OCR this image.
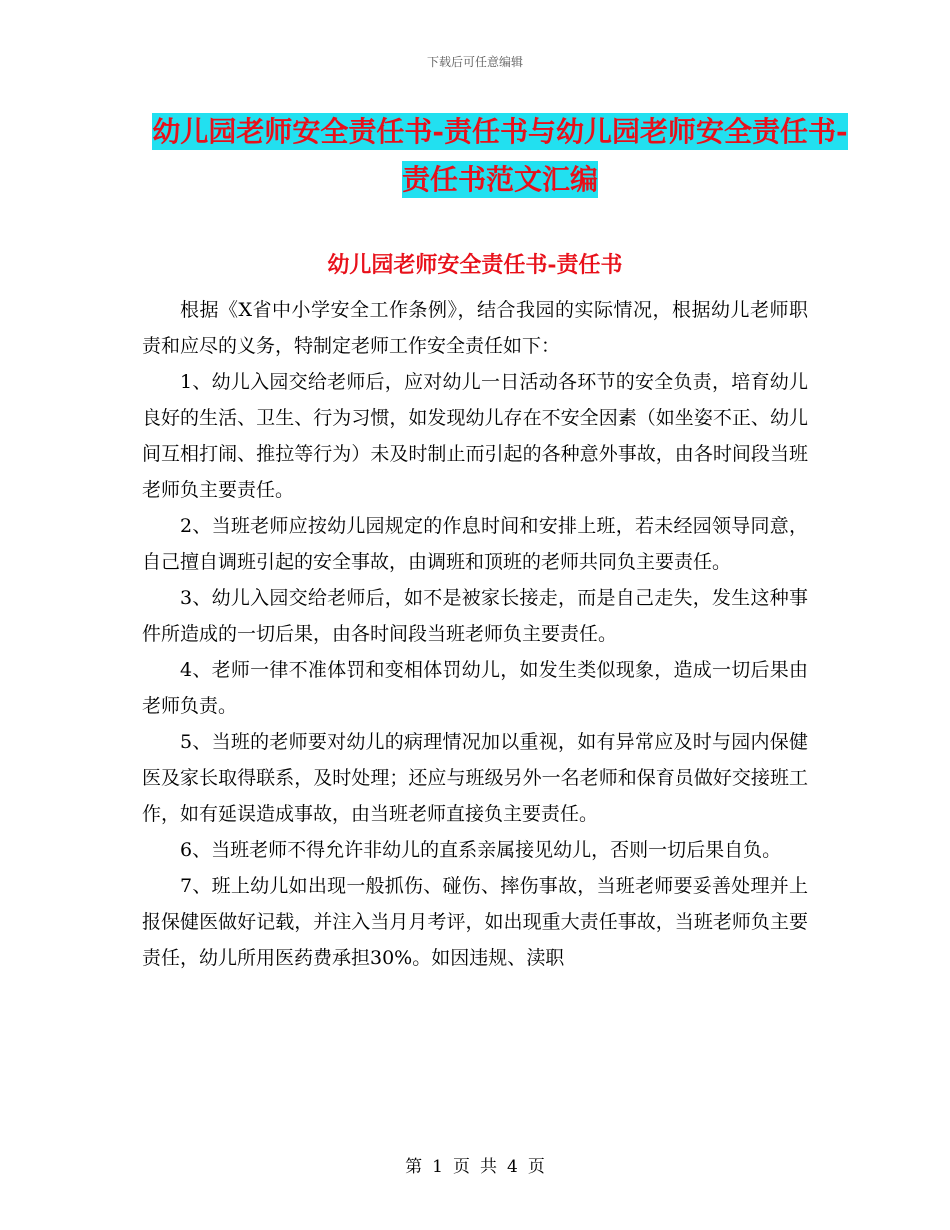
下载后可任意编辑
幼儿园老师安全责任书-责任书与幼儿园老师安全责任书-责任书范文汇编
幼儿园老师安全责任书-责任书

根据《X省中小学安全工作条例》，结合我园的实际情况，根据幼儿老师职责和应尽的义务，特制定老师工作安全责任如下：

1、幼儿入园交给老师后，应对幼儿一日活动各环节的安全负责，培育幼儿良好的生活、卫生、行为习惯，如发现幼儿存在不安全因素（如坐姿不正、幼儿间互相打闹、推拉等行为）未及时制止而引起的各种意外事故，由各时间段当班老师负主要责任。

2、当班老师应按幼儿园规定的作息时间和安排上班，若未经园领导同意，自己擅自调班引起的安全事故，由调班和顶班的老师共同负主要责任。

3、幼儿入园交给老师后，如不是被家长接走，而是自己走失，发生这种事件所造成的一切后果，由各时间段当班老师负主要责任。

4、老师一律不准体罚和变相体罚幼儿，如发生类似现象，造成一切后果由老师负责。

5、当班的老师要对幼儿的病理情况加以重视，如有异常应及时与园内保健医及家长取得联系，及时处理；还应与班级另外一名老师和保育员做好交接班工作，如有延误造成事故，由当班老师直接负主要责任。

6、当班老师不得允许非幼儿的直系亲属接见幼儿，否则一切后果自负。

7、班上幼儿如出现一般抓伤、碰伤、摔伤事故，当班老师要妥善处理并上报保健医做好记载，并注入当月月考评，如出现重大责任事故，当班老师负主要责任，幼儿所用医药费承担30%。如因违规、渎职

第 1 页 共 4 页
